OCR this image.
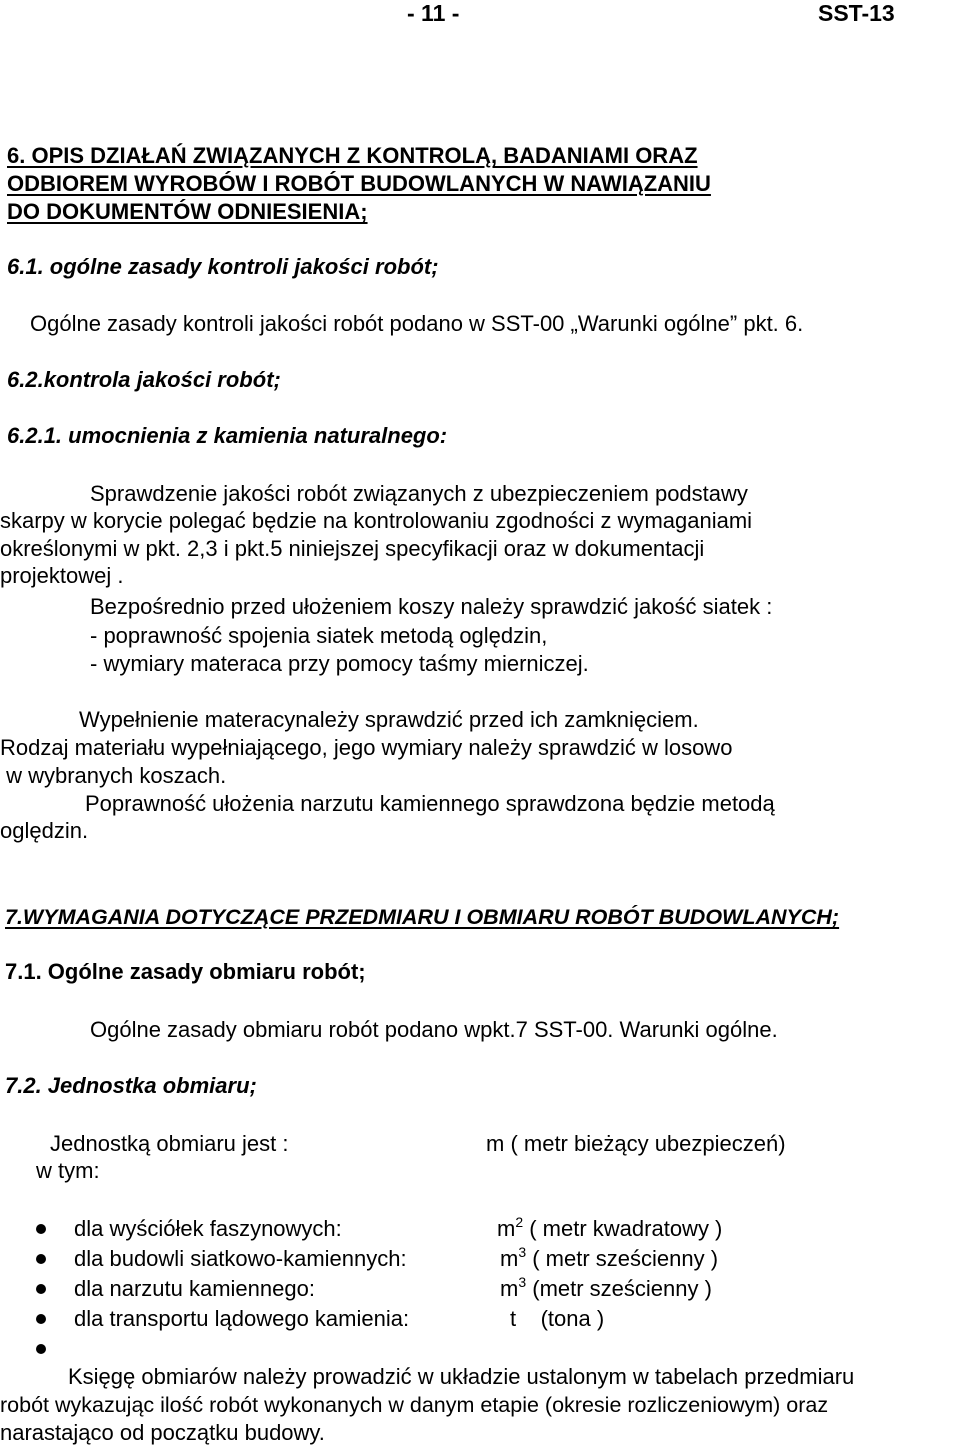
- 11 -	SST-13
6. OPIS DZIAŁAŃ ZWIĄZANYCH Z KONTROLĄ, BADANIAMI ORAZ
ODBIOREM WYROBÓW I ROBÓT BUDOWLANYCH W NAWIĄZANIU
DO DOKUMENTÓW ODNIESIENIA;
6.1. ogólne zasady kontroli jakości robót;
Ogólne zasady kontroli jakości robót podano w SST-00 „Warunki ogólne” pkt. 6.
6.2.kontrola jakości robót;
6.2.1. umocnienia z kamienia naturalnego:
Sprawdzenie jakości robót związanych z ubezpieczeniem podstawy
skarpy w korycie polegać będzie na kontrolowaniu zgodności z wymaganiami
określonymi w pkt. 2,3 i pkt.5 niniejszej specyfikacji oraz w dokumentacji
projektowej .
Bezpośrednio przed ułożeniem koszy należy sprawdzić jakość siatek :
- poprawność spojenia siatek metodą oględzin,
- wymiary materaca przy pomocy taśmy mierniczej.
Wypełnienie materacynależy sprawdzić przed ich zamknięciem.
Rodzaj materiału wypełniającego, jego wymiary należy sprawdzić w losowo
w wybranych koszach.
Poprawność ułożenia narzutu kamiennego sprawdzona będzie metodą
oględzin.
7.WYMAGANIA DOTYCZĄCE PRZEDMIARU I OBMIARU ROBÓT BUDOWLANYCH;
7.1. Ogólne zasady obmiaru robót;
Ogólne zasady obmiaru robót podano wpkt.7 SST-00. Warunki ogólne.
7.2. Jednostka obmiaru;
Jednostką obmiaru jest :	m ( metr bieżący ubezpieczeń)
w tym:
dla wyściółek faszynowych:	$m^2$ ( metr kwadratowy )
dla budowli siatkowo-kamiennych:	$m^3$ ( metr sześcienny )
dla narzutu kamiennego:	$m^3$ (metr sześcienny )
dla transportu lądowego kamienia:	t    (tona )
Księgę obmiarów należy prowadzić w układzie ustalonym w tabelach przedmiaru
robót wykazując ilość robót wykonanych w danym etapie (okresie rozliczeniowym) oraz
narastająco od początku budowy.
